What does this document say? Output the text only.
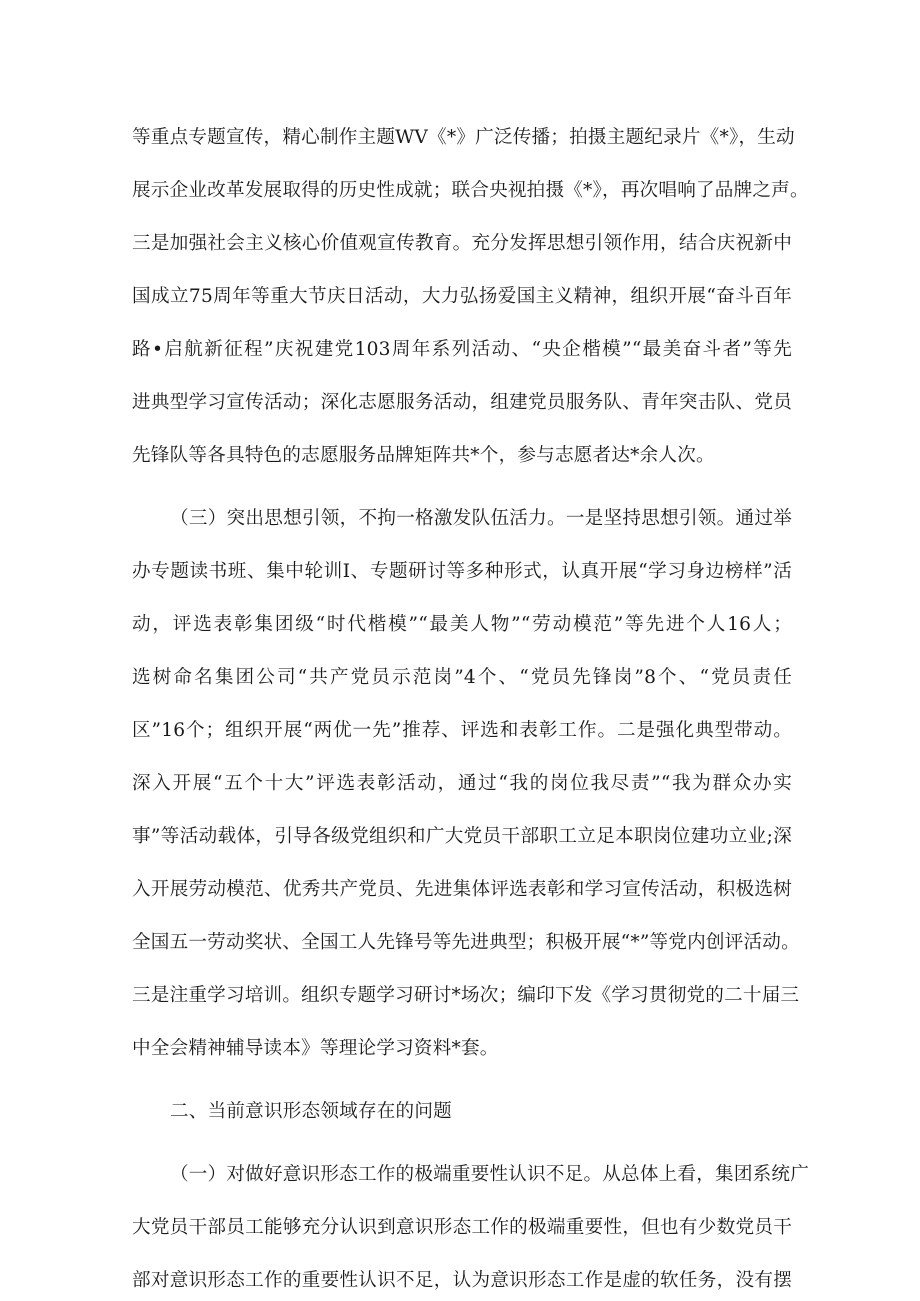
等重点专题宣传，精心制作主题WV《*》广泛传播；拍摄主题纪录片《*》，生动
展示企业改革发展取得的历史性成就；联合央视拍摄《*》，再次唱响了品牌之声。
三是加强社会主义核心价值观宣传教育。充分发挥思想引领作用，结合庆祝新中
国成立75周年等重大节庆日活动，大力弘扬爱国主义精神，组织开展“奋斗百年
路•启航新征程”庆祝建党103周年系列活动、“央企楷模”“最美奋斗者”等先
进典型学习宣传活动；深化志愿服务活动，组建党员服务队、青年突击队、党员
先锋队等各具特色的志愿服务品牌矩阵共*个，参与志愿者达*余人次。
（三）突出思想引领，不拘一格激发队伍活力。一是坚持思想引领。通过举
办专题读书班、集中轮训Ⅰ、专题研讨等多种形式，认真开展“学习身边榜样”活
动，评选表彰集团级“时代楷模”“最美人物”“劳动模范”等先进个人16人；
选树命名集团公司“共产党员示范岗”4个、“党员先锋岗”8个、“党员责任
区”16个；组织开展“两优一先”推荐、评选和表彰工作。二是强化典型带动。
深入开展“五个十大”评选表彰活动，通过“我的岗位我尽责”“我为群众办实
事”等活动载体，引导各级党组织和广大党员干部职工立足本职岗位建功立业;深
入开展劳动模范、优秀共产党员、先进集体评选表彰和学习宣传活动，积极选树
全国五一劳动奖状、全国工人先锋号等先进典型；积极开展“*”等党内创评活动。
三是注重学习培训。组织专题学习研讨*场次；编印下发《学习贯彻党的二十届三
中全会精神辅导读本》等理论学习资料*套。
二、当前意识形态领域存在的问题
（一）对做好意识形态工作的极端重要性认识不足。从总体上看，集团系统广
大党员干部员工能够充分认识到意识形态工作的极端重要性，但也有少数党员干
部对意识形态工作的重要性认识不足，认为意识形态工作是虚的软任务，没有摆
